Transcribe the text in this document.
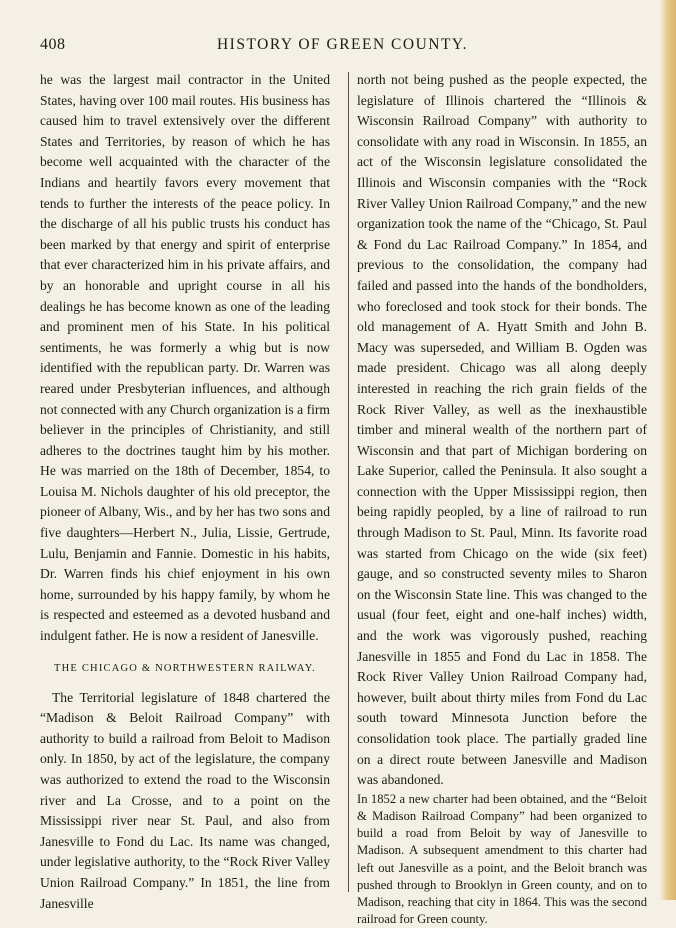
408	HISTORY OF GREEN COUNTY.

he was the largest mail contractor in the United States, having over 100 mail routes. His business has caused him to travel extensively over the different States and Territories, by reason of which he has become well acquainted with the character of the Indians and heartily favors every movement that tends to further the interests of the peace policy. In the discharge of all his public trusts his conduct has been marked by that energy and spirit of enterprise that ever characterized him in his private affairs, and by an honorable and upright course in all his dealings he has become known as one of the leading and prominent men of his State. In his political sentiments, he was formerly a whig but is now identified with the republican party. Dr. Warren was reared under Presbyterian influences, and although not connected with any Church organization is a firm believer in the principles of Christianity, and still adheres to the doctrines taught him by his mother. He was married on the 18th of December, 1854, to Louisa M. Nichols daughter of his old preceptor, the pioneer of Albany, Wis., and by her has two sons and five daughters—Herbert N., Julia, Lissie, Gertrude, Lulu, Benjamin and Fannie. Domestic in his habits, Dr. Warren finds his chief enjoyment in his own home, surrounded by his happy family, by whom he is respected and esteemed as a devoted husband and indulgent father. He is now a resident of Janesville.

THE CHICAGO & NORTHWESTERN RAILWAY.

The Territorial legislature of 1848 chartered the “Madison & Beloit Railroad Company” with authority to build a railroad from Beloit to Madison only. In 1850, by act of the legislature, the company was authorized to extend the road to the Wisconsin river and La Crosse, and to a point on the Mississippi river near St. Paul, and also from Janesville to Fond du Lac. Its name was changed, under legislative authority, to the “Rock River Valley Union Railroad Company.” In 1851, the line from Janesville

north not being pushed as the people expected, the legislature of Illinois chartered the “Illinois & Wisconsin Railroad Company” with authority to consolidate with any road in Wisconsin. In 1855, an act of the Wisconsin legislature consolidated the Illinois and Wisconsin companies with the “Rock River Valley Union Railroad Company,” and the new organization took the name of the “Chicago, St. Paul & Fond du Lac Railroad Company.” In 1854, and previous to the consolidation, the company had failed and passed into the hands of the bondholders, who foreclosed and took stock for their bonds. The old management of A. Hyatt Smith and John B. Macy was superseded, and William B. Ogden was made president. Chicago was all along deeply interested in reaching the rich grain fields of the Rock River Valley, as well as the inexhaustible timber and mineral wealth of the northern part of Wisconsin and that part of Michigan bordering on Lake Superior, called the Peninsula. It also sought a connection with the Upper Mississippi region, then being rapidly peopled, by a line of railroad to run through Madison to St. Paul, Minn. Its favorite road was started from Chicago on the wide (six feet) gauge, and so constructed seventy miles to Sharon on the Wisconsin State line. This was changed to the usual (four feet, eight and one-half inches) width, and the work was vigorously pushed, reaching Janesville in 1855 and Fond du Lac in 1858. The Rock River Valley Union Railroad Company had, however, built about thirty miles from Fond du Lac south toward Minnesota Junction before the consolidation took place. The partially graded line on a direct route between Janesville and Madison was abandoned.

In 1852 a new charter had been obtained, and the “Beloit & Madison Railroad Company” had been organized to build a road from Beloit by way of Janesville to Madison. A subsequent amendment to this charter had left out Janesville as a point, and the Beloit branch was pushed through to Brooklyn in Green county, and on to Madison, reaching that city in 1864. This was the second railroad for Green county.
